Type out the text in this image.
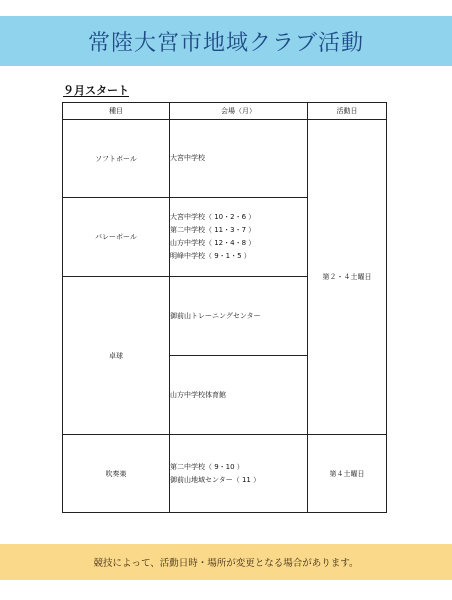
常陸大宮市地域クラブ活動
９月スタート
種目	会場（月）	活動日
ソフトボール	大宮中学校	第２・４土曜日
バレーボール	大宮中学校（ 10・2・6 ）
第二中学校（ 11・3・7 ）
山方中学校（ 12・4・8 ）
明峰中学校（ 9・1・5 ）	

卓球	御前山トレーニングセンター	

	山方中学校体育館	

吹奏楽	第二中学校（ 9・10 ）
御前山地域センター（ 11 ）	第４土曜日
競技によって、活動日時・場所が変更となる場合があります。
